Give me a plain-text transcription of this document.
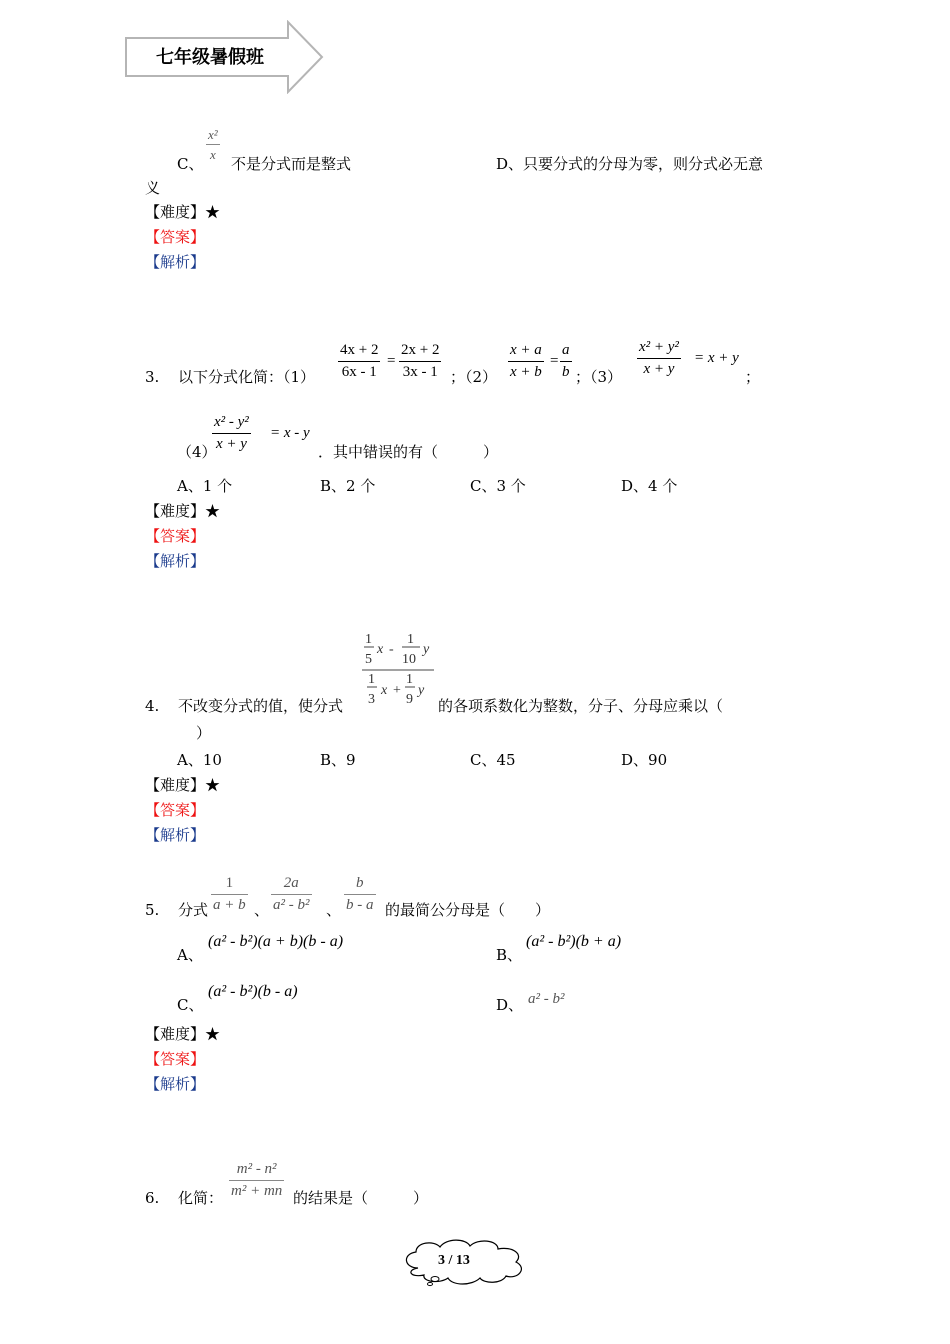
七年级暑假班
C、
$\frac{\text{x²}}{x}$
不是分式而是整式	D、只要分式的分母为零，则分式必无意
义
【难度】★
【答案】
【解析】
3. 以下分式化简：$(1) \frac{4x + 2}{6x - 1} = \frac{2x + 2}{3x - 1}$ ；$(2) \frac{x + a}{x + b} = \frac{a}{b}$ ；$(3) \frac{\text{x² + y²}}{x + y} = x + y$
；
（4）
$\frac{\text{x² - y²}}{x + y} = x - y$
．其中错误的有（　　　）
A、1 个	B、2 个	C、3 个	D、4 个
【难度】★
【答案】
【解析】
4. 不改变分式的值，使分式
1
5
x -
1
10
y
1
3
x +
1
9
y
的各项系数化为整数，分子、分母应乘以（
）
A、10	B、9	C、45	D、90
【难度】★
【答案】
【解析】
5. 分式 $\frac{1}{a + b}$ 、 $\frac{2a}{\text{a² - b²}}$ 、 $\frac{b}{b - a}$ 的最简公分母是（　　）
A、
(a² - b²)(a + b)(b - a)
B、
(a² - b²)(b + a)
C、
(a² - b²)(b - a)
D、 a² - b²
【难度】★
【答案】
【解析】
6. 化简： $\frac{\text{m² - n²}}{\text{m² + mn}}$ 的结果是（　　　）
3 / 13
